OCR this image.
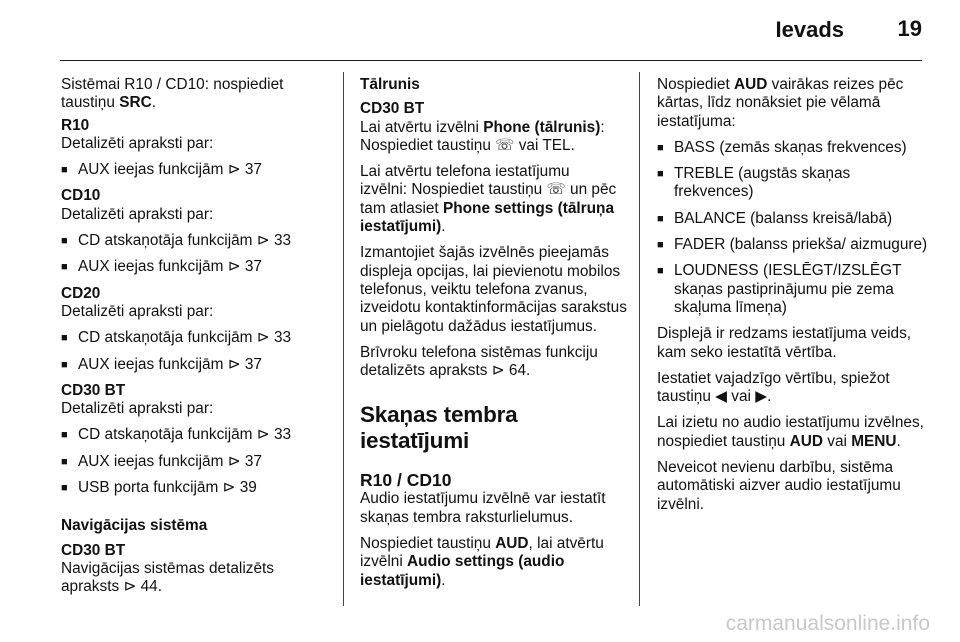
Ievads 19

Sistēmai R10 / CD10: nospiediet
taustiņu SRC.

R10
Detalizēti apraksti par:
■ AUX ieejas funkcijām ⊳ 37
CD10
Detalizēti apraksti par:
■ CD atskaņotāja funkcijām ⊳ 33
■ AUX ieejas funkcijām ⊳ 37
CD20
Detalizēti apraksti par:
■ CD atskaņotāja funkcijām ⊳ 33
■ AUX ieejas funkcijām ⊳ 37
CD30 BT
Detalizēti apraksti par:
■ CD atskaņotāja funkcijām ⊳ 33
■ AUX ieejas funkcijām ⊳ 37
■ USB porta funkcijām ⊳ 39
Navigācijas sistēma
CD30 BT
Navigācijas sistēmas detalizēts
apraksts ⊳ 44.
Tālrunis
CD30 BT

Lai atvērtu izvēlni Phone (tālrunis):
Nospiediet taustiņu ☏ vai TEL.

Lai atvērtu telefona iestatījumu
izvēlni: Nospiediet taustiņu ☏ un pēc
tam atlasiet Phone settings (tālruņa
iestatījumi).

Izmantojiet šajās izvēlnēs pieejamās displeja opcijas, lai pievienotu mobilos telefonus, veiktu telefona zvanus, izveidotu kontaktinformācijas sarakstus un pielāgotu dažādus iestatījumus.

Brīvroku telefona sistēmas funkciju detalizēts apraksts ⊳ 64.

Skaņas tembra iestatījumi
R10 / CD10

Audio iestatījumu izvēlnē var iestatīt
skaņas tembra raksturlielumus.

Nospiediet taustiņu AUD, lai atvērtu
izvēlni Audio settings (audio
iestatījumi).

Nospiediet AUD vairākas reizes pēc kārtas, līdz nonāksiet pie vēlamā iestatījuma:

■ BASS (zemās skaņas frekvences)
■ TREBLE (augstās skaņas frekvences)
■ BALANCE (balanss kreisā/labā)
■ FADER (balanss priekša/ aizmugure)
■ LOUDNESS (IESLĒGT/IZSLĒGT skaņas pastiprinājumu pie zema skaļuma līmeņa)

Displejā ir redzams iestatījuma veids, kam seko iestatītā vērtība.

Iestatiet vajadzīgo vērtību, spiežot taustiņu ◀ vai ▶.

Lai izietu no audio iestatījumu izvēlnes, nospiediet taustiņu AUD vai MENU.

Neveicot nevienu darbību, sistēma automātiski aizver audio iestatījumu izvēlni.

carmanualsonline.info
